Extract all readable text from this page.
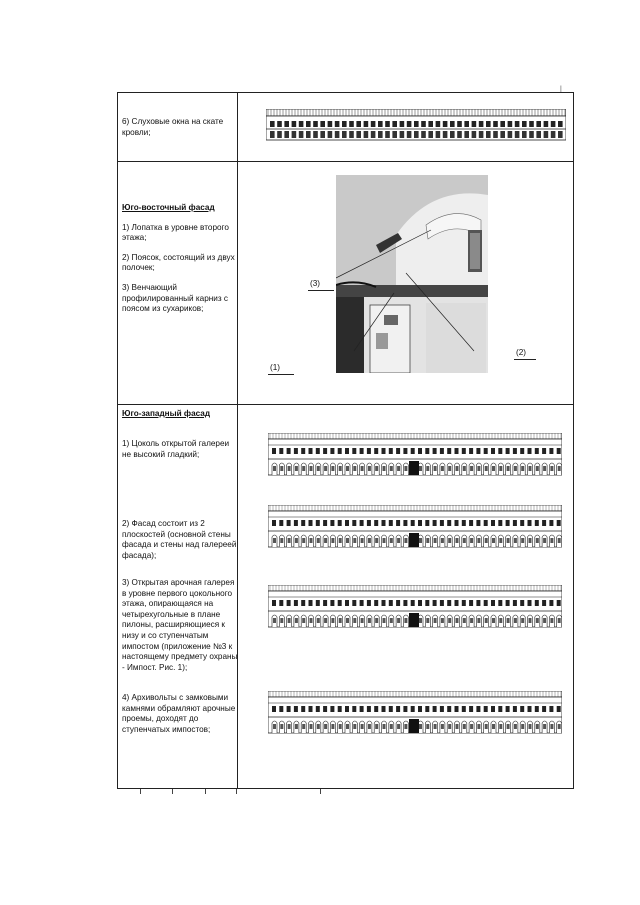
|

6) Слуховые окна на скате кровли;

Юго-восточный фасад

1) Лопатка в уровне второго этажа;

2) Поясок, состоящий из двух полочек;

3) Венчающий профилированный карниз с поясом из сухариков;

(3)
(2)
(1)

Юго-западный фасад

1) Цоколь открытой галереи не высокий гладкий;

2) Фасад состоит из 2 плоскостей (основной стены фасада и стены над галереей фасада);

3) Открытая арочная галерея в уровне первого цокольного этажа, опирающаяся на четырехугольные в плане пилоны, расширяющиеся к низу и со ступенчатым импостом (приложение №3 к настоящему предмету охраны - Импост. Рис. 1);

4) Архивольты с замковыми камнями обрамляют арочные проемы, доходят до ступенчатых импостов;
